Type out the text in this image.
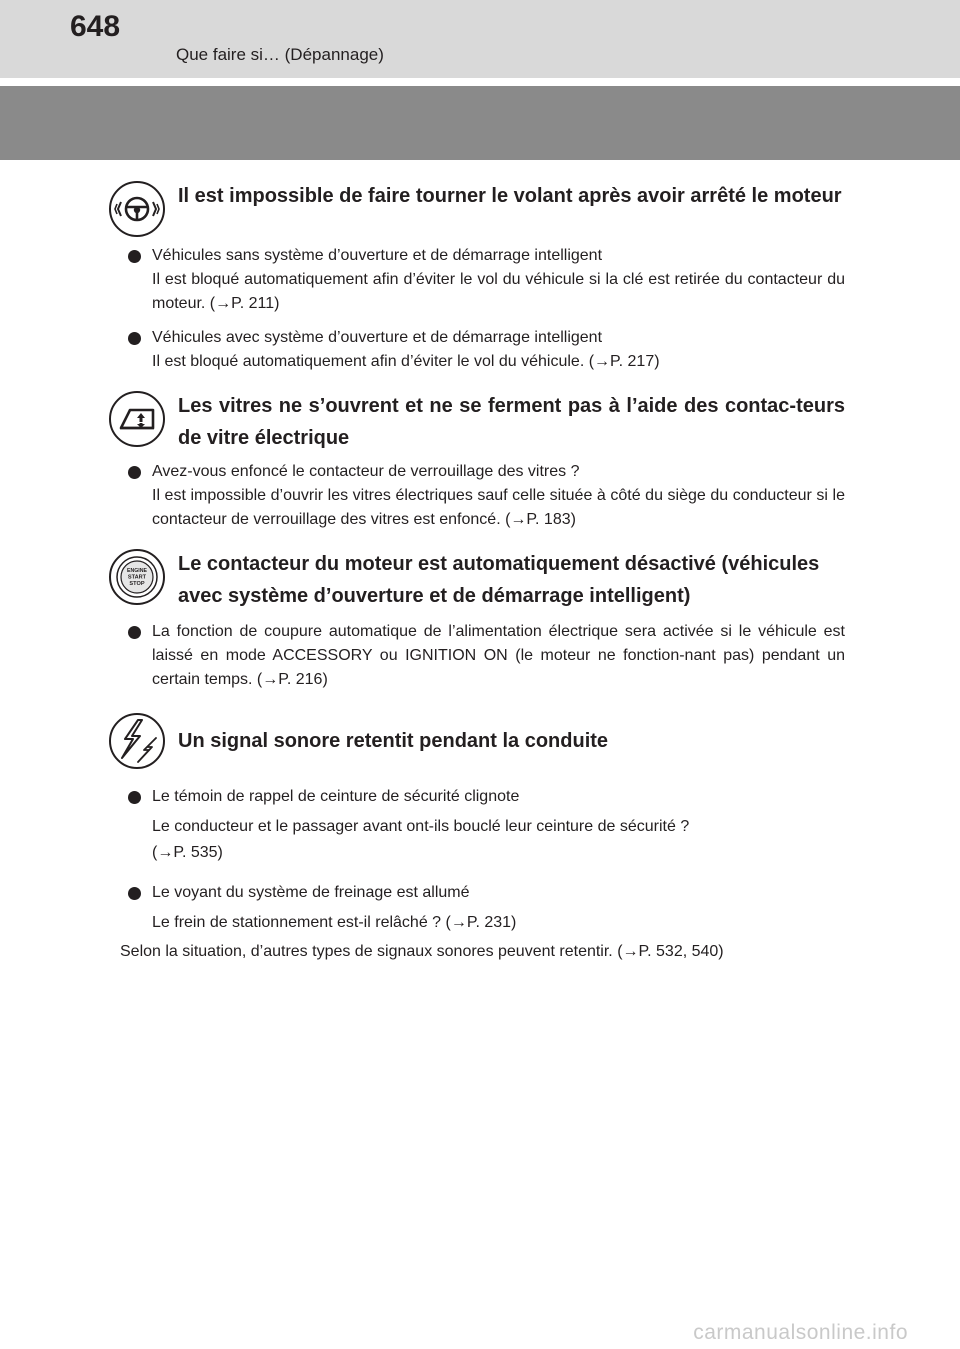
648
Que faire si… (Dépannage)
Il est impossible de faire tourner le volant après avoir arrêté le moteur
Véhicules sans système d’ouverture et de démarrage intelligent
Il est bloqué automatiquement afin d’éviter le vol du véhicule si la clé est retirée du contacteur du moteur. (→P. 211)
Véhicules avec système d’ouverture et de démarrage intelligent
Il est bloqué automatiquement afin d’éviter le vol du véhicule. (→P. 217)
Les vitres ne s’ouvrent et ne se ferment pas à l’aide des contac-teurs de vitre électrique
Avez-vous enfoncé le contacteur de verrouillage des vitres ?
Il est impossible d’ouvrir les vitres électriques sauf celle située à côté du siège du conducteur si le contacteur de verrouillage des vitres est enfoncé. (→P. 183)
ENGINE
START
STOP
Le contacteur du moteur est automatiquement désactivé (véhicules avec système d’ouverture et de démarrage intelligent)
La fonction de coupure automatique de l’alimentation électrique sera activée si le véhicule est laissé en mode ACCESSORY ou IGNITION ON (le moteur ne fonction-nant pas) pendant un certain temps. (→P. 216)
Un signal sonore retentit pendant la conduite
Le témoin de rappel de ceinture de sécurité clignote
Le conducteur et le passager avant ont-ils bouclé leur ceinture de sécurité ?
(→P. 535)
Le voyant du système de freinage est allumé
Le frein de stationnement est-il relâché ? (→P. 231)
Selon la situation, d’autres types de signaux sonores peuvent retentir. (→P. 532, 540)
carmanualsonline.info
